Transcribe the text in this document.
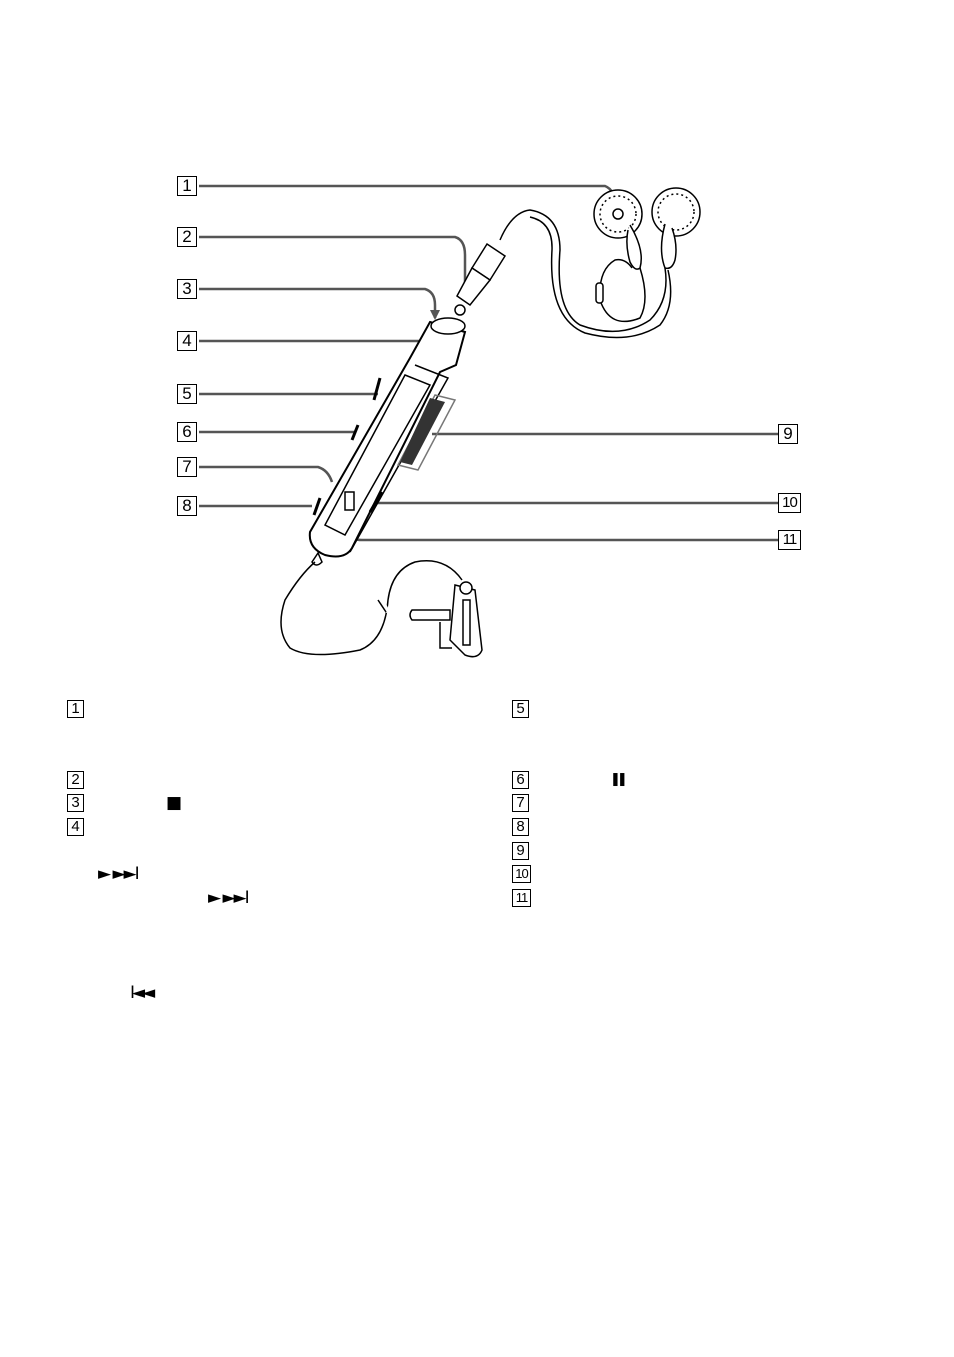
1
2
3
4
5
6
7
8
9
10
11
1
2
3
4
5
6
7
8
9
10
11
■
❚❚
► ►►I
► ►►I
I◄◄
